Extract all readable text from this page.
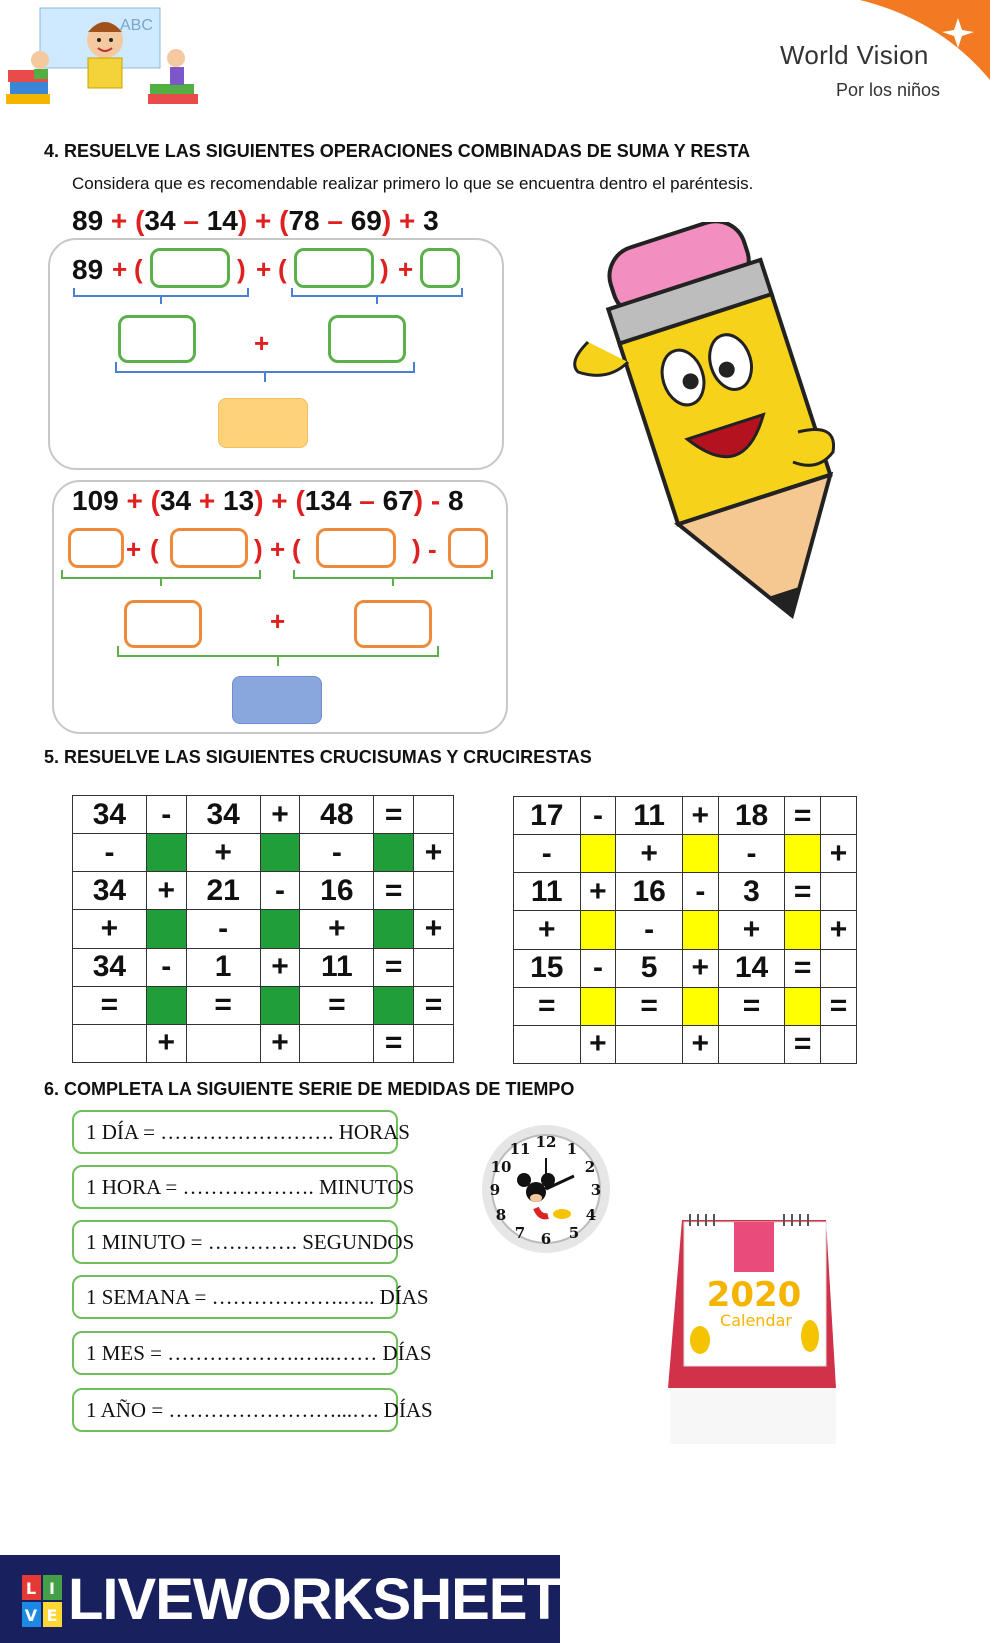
ABC
World Vision
Por los niños
4. RESUELVE LAS SIGUIENTES OPERACIONES COMBINADAS DE SUMA Y RESTA
Considera que es recomendable realizar primero lo que se encuentra dentro el paréntesis.
89 + (34 – 14) + (78 – 69) + 3
89 + (	) + (	) +
+
109 + (34 + 13) + (134 – 67) - 8
+ (	) + (	) -
+
5. RESUELVE LAS SIGUIENTES CRUCISUMAS Y CRUCIRESTAS
34	-	34	+	48	=	
-		+		-		+
34	+	21	-	16	=	
+		-		+		+
34	-	1	+	11	=	
=		=		=		=
	+		+		=	
17	-	11	+	18	=	
-		+		-		+
11	+	16	-	3	=	
+		-		+		+
15	-	5	+	14	=	
=		=		=		=
	+		+		=	
6. COMPLETA LA SIGUIENTE SERIE DE MEDIDAS DE TIEMPO
1 DÍA = ……………………. HORAS
1 HORA = ………………. MINUTOS
1 MINUTO = …………. SEGUNDOS
1 SEMANA = ……………….….. DÍAS
1 MES = ……………….…...…… DÍAS
1 AÑO = ……………………...…. DÍAS
12 1
2
3
4
5
6
7
8
9
10
11
2020
Calendar
L I
V E LIVEWORKSHEETS
